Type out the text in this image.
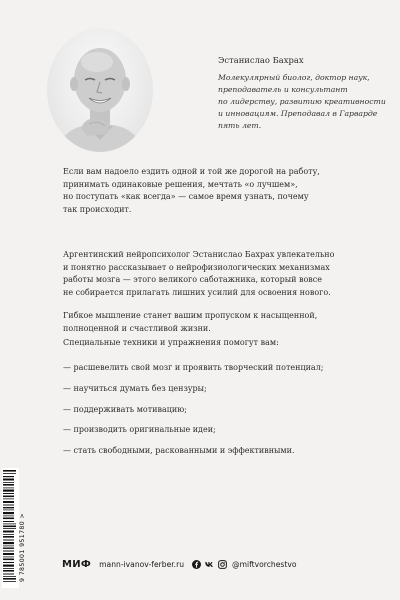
Эстанислао Бахрах
Молекулярный биолог, доктор наук,
преподаватель и консультант
по лидерству, развитию креативности
и инновациям. Преподавал в Гарварде
пять лет.
Если вам надоело ездить одной и той же дорогой на работу,
принимать одинаковые решения, мечтать «о лучшем»,
но поступать «как всегда» — самое время узнать, почему
так происходит.
Аргентинский нейропсихолог Эстанислао Бахрах увлекательно
и понятно рассказывает о нейрофизиологических механизмах
работы мозга — этого великого саботажника, который вовсе
не собирается прилагать лишних усилий для освоения нового.
Гибкое мышление станет вашим пропуском к насыщенной,
полноценной и счастливой жизни.
Специальные техники и упражнения помогут вам:
— расшевелить свой мозг и проявить творческий потенциал;
— научиться думать без цензуры;
— поддерживать мотивацию;
— производить оригинальные идеи;
— стать свободными, раскованными и эффективными.
9 785001 951780 >	МИФ mann-ivanov-ferber.ru	@miftvorchestvo
